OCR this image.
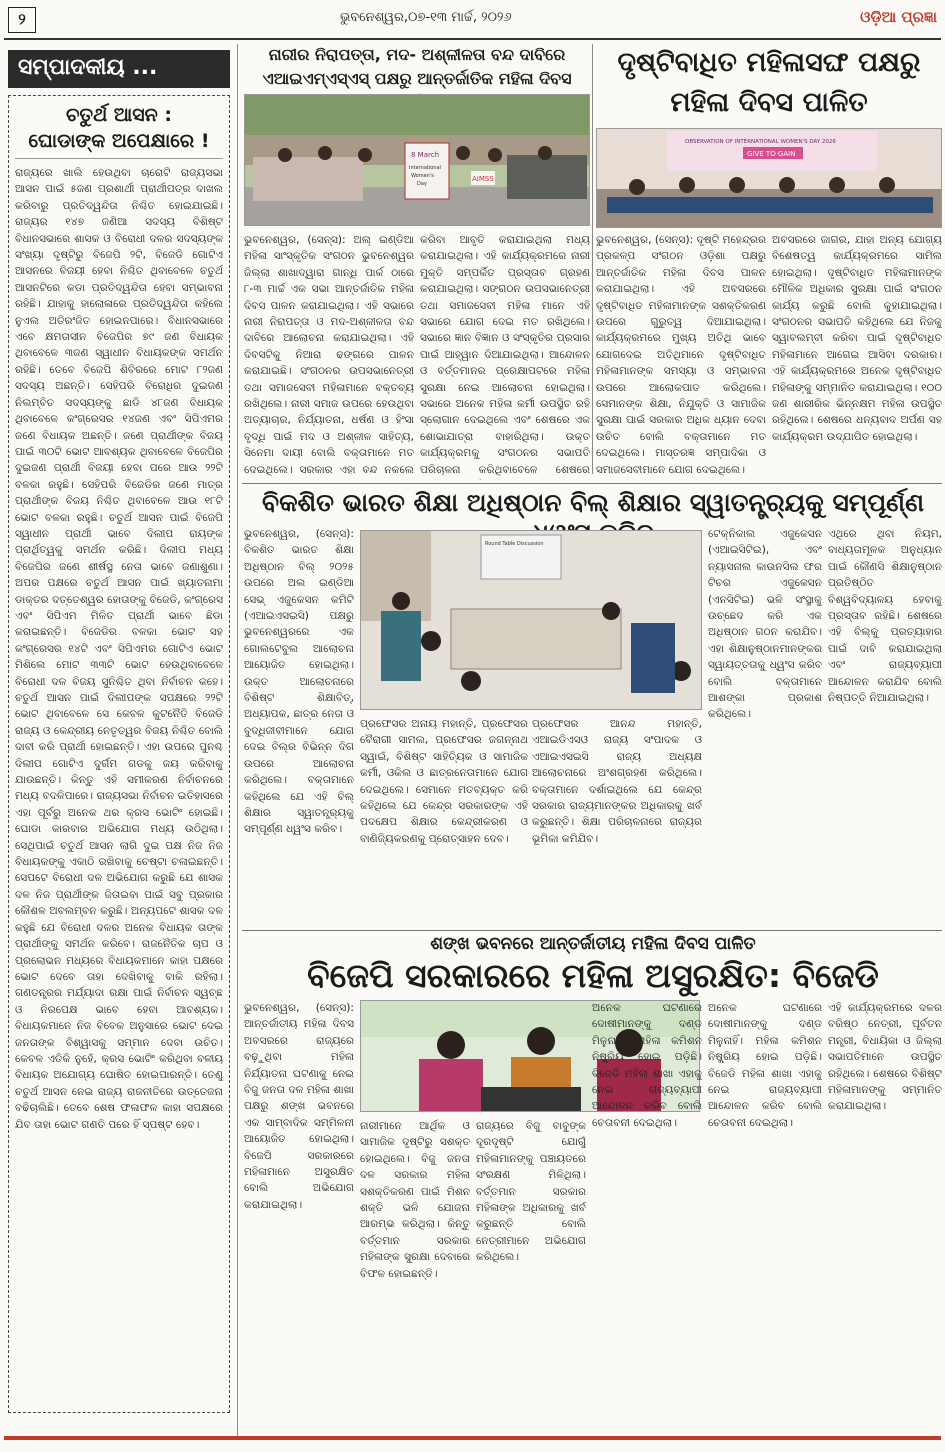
୨	ଭୁବନେଶ୍ୱର,୦୭-୧୩ ମାର୍ଚ୍ଚ, ୨୦୨୬	ଓଡ଼ିଆ ପ୍ରଜ୍ଞା
ସମ୍ପାଦକୀୟ ...
ଚତୁର୍ଥ ଆସନ :
ଘୋଡାଙ୍କ ଅପେକ୍ଷାରେ !
ରାଜ୍ୟରେ ଖାଲି ହେଉଥିବା ଚାରୋଟି ରାଜ୍ୟସଭା ଆସନ ପାଇଁ ୫ଜଣ ପ୍ରଶାର୍ଥୀ ପ୍ରାର୍ଥୀପତ୍ର ଦାଖଲ କରିବାରୁ ପ୍ରତିଦ୍ୱନ୍ଦିତା ନିଶ୍ଚିତ ହୋଇଯାଇଛି। ରାଜ୍ୟର ୧୪୭ ଜଣିଆ ସଦସ୍ୟ ବିଶିଷ୍ଟ ବିଧାନସଭାରେ ଶାସକ ଓ ବିରୋଧୀ ଦଳର ସଦସ୍ୟଙ୍କ ସଂଖ୍ୟା ଦୃଷ୍ଟିରୁ ବିଜେପି ୨ଟି, ବିଜେଡି ଗୋଟିଏ ଆସନରେ ବିଜୟୀ ହେବା ନିଶ୍ଚିତ ଥିବାବେଳେ ଚତୁର୍ଥ ଆସନଟିରେ କଡା ପ୍ରତିଦ୍ୱନ୍ଦିତା ହେବା ସମ୍ଭାବନା ରହିଛି। ଯାହାକୁ ହାଲୋଳାରେ ପ୍ରତିଦ୍ୱନ୍ଦିତା କହିଲେ ନୁଏଲ ଅତିରଂଜିତ ହୋଇନପାରେ। ବିଧାନସଭାରେ ଏବେ କ୍ଷମତାସୀନ ବିଜେପିର ୭୯ ଜଣ ବିଧାୟକ ଥିବାବେଳେ ୩ଜଣ ସ୍ୱାଧୀନ ବିଧାୟକଙ୍କ ସମର୍ଥନ ରହିଛି। ତେବେ ବିଜେପି ଶିବିରରେ ମୋଟ ୮୨ଜଣ ସଦସ୍ୟ ଅଛନ୍ତି। ସେହିପରି ବିରୋଧିର ଦୁଇଜଣ ନିଲମ୍ବିତ ସଦସ୍ୟଙ୍କୁ ଛାଡି ୪୮ଜଣ ବିଧାୟକ ଥିବାବେଳେ କଂଗ୍ରେସର ୧୪ଜଣ ଏବଂ ସିପିଏମର ଜଣେ ବିଧାୟକ ଅଛନ୍ତି। ଜଣେ ପ୍ରାର୍ଥୀଙ୍କ ବିଜୟ ପାଇଁ ୩୦ଟି ଭୋଟ ଆବଶ୍ୟକ ଥିବାବେଳେ ବିଜେପିର ଦୁଇଜଣ ପ୍ରାର୍ଥୀ ବିଜୟୀ ହେବା ପରେ ଆଉ ୨୨ଟି ବଳକା ରହୁଛି। ସେହିପରି ବିଜେଡିର ଜଣେ ମାତ୍ର ପ୍ରାର୍ଥୀଙ୍କ ବିଜୟ ନିଶ୍ଚିତ ଥିବାବେଳେ ଆଉ ୧୮ଟି ଭୋଟ ବଳକା ରହୁଛି। ଚତୁର୍ଥ ଆସନ ପାଇଁ ବିଜେପି ସ୍ୱାଧୀନ ପ୍ରାର୍ଥୀ ଭାବେ ଦିଲୀପ ରାୟଙ୍କ ପ୍ରାର୍ଥିତ୍ୱକୁ ସମର୍ଥନ କରିଛି। ଦିଲୀପ ମଧ୍ୟ ବିଜେପିର ଜଣେ ଶୀର୍ଷସ୍ଥ ନେତା ଭାବେ ଜଣାଶୁଣା। ଅପର ପକ୍ଷରେ ଚତୁର୍ଥ ଆସନ ପାଇଁ ଖ୍ୟାତନାମା ଡାକ୍ତର ଦତ୍ତେଶ୍ୱର ହୋତାଙ୍କୁ ବିଜେଡି, କଂଗ୍ରେସ ଏବଂ ସିପିଏମ ମିଳିତ ପ୍ରାର୍ଥୀ ଭାବେ ଛିଡା କରାଇଛନ୍ତି। ବିଜେଡିର ବଳକା ଭୋଟ ସହ କଂଗ୍ରେସର ୧୪ଟି ଏବଂ ସିପିଏମର ଗୋଟିଏ ଭୋଟ ମିଶିଲେ ମୋଟ ୩୩ଟି ଭୋଟ ହେଉଥିବାବେଳେ ବିରୋଧୀ ଦଳ ବିଜୟ ସୁନିଶ୍ଚିତ ଥିବା ନିର୍ବାଚନ କହେ। ଚତୁର୍ଥ ଆସନ ପାଇଁ ଦିଲୀପଙ୍କ ସପକ୍ଷରେ ୨୨ଟି ଭୋଟ ଥିବାବେଳେ ସେ କେବଳ କୁଟନୈତି ବିଜେଡି ରାଜ୍ୟ ଓ କେନ୍ଦ୍ରୀୟ ନେତୃତ୍ୱର ବିଜୟ ନିଶ୍ଚିତ ବୋଲି ଦାବୀ କରି ପ୍ରାର୍ଥୀ ହୋଇଛନ୍ତି। ଏହା ଉପରେ ପୁନଶ୍ଚ ଦିଲୀପ ଗୋଟିଏ ଦୁର୍ଗମ ଗଡକୁ ଜୟ କରିବାକୁ ଯାଉଛନ୍ତି। କିନ୍ତୁ ଏହି ସମୀକରଣ ନିର୍ବାଚନରେ ମଧ୍ୟ ବଦଳିପାରେ। ରାଜ୍ୟସଭା ନିର୍ବାଚନ ଇତିହାସରେ ଏହା ପୂର୍ବରୁ ଅନେକ ଥର କ୍ରସ ଭୋଟିଂ ହୋଇଛି। ଘୋଡା କାରବାର ଅଭିଯୋଗ ମଧ୍ୟ ଉଠିଥିଲା। ସେଥିପାଇଁ ଚତୁର୍ଥ ଆସନ ଲାଗି ଦୁଇ ପକ୍ଷ ନିଜ ନିଜ ବିଧାୟକଙ୍କୁ ଏକାଠି ରଖିବାକୁ ଚେଷ୍ଟା ଚଳାଇଛନ୍ତି। ସେପଟେ ବିରୋଧୀ ଦଳ ଅଭିଯୋଗ କରୁଛି ଯେ ଶାସକ ଦଳ ନିଜ ପ୍ରାର୍ଥୀଙ୍କ ଜିତାଇବା ପାଇଁ ସବୁ ପ୍ରକାର କୌଶଳ ଅବଲମ୍ବନ କରୁଛି। ଅନ୍ୟପଟେ ଶାସକ ଦଳ କହୁଛି ଯେ ବିରୋଧୀ ଦଳର ଅନେକ ବିଧାୟକ ତାଙ୍କ ପ୍ରାର୍ଥୀଙ୍କୁ ସମର୍ଥନ କରିବେ। ରାଜନୈତିକ ଚାପ ଓ ପ୍ରଲୋଭନ ମଧ୍ୟରେ ବିଧାୟକମାନେ କାହା ପକ୍ଷରେ ଭୋଟ ଦେବେ ତାହା ଦେଖିବାକୁ ବାକି ରହିଲା। ଗଣତନ୍ତ୍ରର ମର୍ଯ୍ୟାଦା ରକ୍ଷା ପାଇଁ ନିର୍ବାଚନ ସ୍ୱଚ୍ଛ ଓ ନିରପେକ୍ଷ ଭାବେ ହେବା ଆବଶ୍ୟକ। ବିଧାୟକମାନେ ନିଜ ବିବେକ ଅନୁସାରେ ଭୋଟ ଦେଇ ଜନତାଙ୍କ ବିଶ୍ୱାସକୁ ସମ୍ମାନ ଦେବା ଉଚିତ। କେବଳ ଏତିକି ନୁହେଁ, କ୍ରସ ଭୋଟିଂ କରିଥିବା ବଳୀୟ ବିଧାୟକ ଅଯୋଗ୍ୟ ଘୋଷିତ ହୋଇପାରନ୍ତି। ତେଣୁ ଚତୁର୍ଥ ଆସନ ନେଇ ରାଜ୍ୟ ରାଜନୀତିରେ ଉତ୍ତେଜନା ବଢିଚାଲିଛି। ତେବେ ଶେଷ ଫଳାଫଳ କାହା ସପକ୍ଷରେ ଯିବ ତାହା ଭୋଟ ଗଣତି ପରେ ହିଁ ସ୍ପଷ୍ଟ ହେବ।
ନାରୀର ନିରାପତ୍ତା, ମଦ- ଅଶ୍ଳୀଳତା ବନ୍ଦ ଦାବିରେ
ଏଆଇଏମ୍‌ଏସ୍‌ଏସ୍ ପକ୍ଷରୁ ଆନ୍ତର୍ଜାତିକ ମହିଳା ଦିବସ
8 March
International
Women's
Day
AIMSS
ଭୁବନେଶ୍ୱର, (ସେନ୍ସ): ଅଲ୍ ଇଣ୍ଡିଆ ମହିଳା ସାଂସ୍କୃତିକ ସଂଗଠନ ଭୁବନେଶ୍ୱର ଜିଲ୍ଲା ଶାଖାଦ୍ୱାରା ଗାନ୍ଧି ପାର୍କ ଠାରେ ୮-୩ ମାର୍ଚ୍ଚ ଏକ ସଭା ଆନ୍ତର୍ଜାତିକ ମହିଳା ଦିବସ ପାଳନ କରାଯାଇଥିଲା। ଏହି ସଭାରେ ନାରୀ ନିରାପତ୍ତା ଓ ମଦ-ଅଶ୍ଳୀଳତା ବନ୍ଦ ଦାବିରେ ଆଲୋଚନା କରାଯାଇଥିଲା। ଏହି ଦିବସଟିକୁ ନିଆରା ଢଙ୍ଗରେ ପାଳନ କରାଯାଇଛି। ସଂଗଠନର ଉପସଭାନେତ୍ରୀ ତଥା ସମାଜସେବୀ ମହିଳାମାନେ ବକ୍ତବ୍ୟ ରଖିଥିଲେ। ନାରୀ ସମାଜ ଉପରେ ହେଉଥିବା ଅତ୍ୟାଚାର, ନିର୍ଯ୍ୟାତନା, ଧର୍ଷଣ ଓ ହିଂସା ବୃଦ୍ଧି ପାଇଁ ମଦ ଓ ଅଶ୍ଳୀଳ ସାହିତ୍ୟ, ସିନେମା ଦାୟୀ ବୋଲି ବକ୍ତାମାନେ ମତ ଦେଇଥିଲେ। ସରକାର ଏହା ବନ୍ଦ ନକଲେ
କରିବା ଆବୃତି କରାଯାଇଥିଲା ମଧ୍ୟ କରାଯାଇଥିଲା। ଏହି କାର୍ଯ୍ୟକ୍ରମରେ ନାରୀ ମୁକ୍ତି ସମ୍ପର୍କିତ ପ୍ରସ୍ତାବ ଗ୍ରହଣ କରାଯାଇଥିଲା। ସଙ୍ଗଠନ ଉପସଭାନେତ୍ରୀ ତଥା ସମାଜସେବୀ ମହିଳା ମାନେ ଏହି ସଭାରେ ଯୋଗ ଦେଇ ମତ ରଖିଥିଲେ। ସଭାରେ ଜ୍ଞାନ ବିଜ୍ଞାନ ଓ ସଂସ୍କୃତିର ପ୍ରସାର ପାଇଁ ଆହ୍ୱାନ ଦିଆଯାଇଥିଲା। ଆନ୍ଦୋଳନ ଓ ବର୍ତ୍ତମାନର ପ୍ରେକ୍ଷାପଟରେ ମହିଳା ସୁରକ୍ଷା ନେଇ ଆଲୋଚନା ହୋଇଥିଲା। ସଭାରେ ଅନେକ ମହିଳା କର୍ମୀ ଉପସ୍ଥିତ ରହି ସ୍ଲୋଗାନ ଦେଇଥିଲେ ଏବଂ ଶେଷରେ ଏକ ଶୋଭାଯାତ୍ରା ବାହାରିଥିଲା। ଉକ୍ତ କାର୍ଯ୍ୟକ୍ରମକୁ ସଂଗଠନର ସଭାପତି ପରିଚାଳନା କରିଥିବାବେଳେ ଶେଷରେ
ଦୃଷ୍ଟିବାଧିତ ମହିଳାସଙ୍ଘ ପକ୍ଷରୁ
ମହିଳା ଦିବସ ପାଳିତ
OBSERVATION OF INTERNATIONAL WOMEN'S DAY 2026
GIVE TO GAIN
ଭୁବନେଶ୍ୱର, (ସେନ୍ସ): ଦୃଷ୍ଟି ମହେନ୍ଦ୍ରର ପ୍ରକଳ୍ପ ସଂଗଠନ ଓଡ଼ିଶା ପକ୍ଷରୁ ଆନ୍ତର୍ଜାତିକ ମହିଳା ଦିବସ ପାଳନ କରାଯାଇଥିଲା। ଏହି ଅବସରରେ ଦୃଷ୍ଟିବାଧିତ ମହିଳାମାନଙ୍କ ସଶକ୍ତିକରଣ ଉପରେ ଗୁରୁତ୍ୱ ଦିଆଯାଇଥିଲା। କାର୍ଯ୍ୟକ୍ରମରେ ମୁଖ୍ୟ ଅତିଥି ଭାବେ ଯୋଗଦେଇ ଅତିଥିମାନେ ଦୃଷ୍ଟିବାଧିତ ମହିଳାମାନଙ୍କ ସମସ୍ୟା ଓ ସମ୍ଭାବନା ଉପରେ ଆଲୋକପାତ କରିଥିଲେ। ସେମାନଙ୍କ ଶିକ୍ଷା, ନିଯୁକ୍ତି ଓ ସାମାଜିକ ସୁରକ୍ଷା ପାଇଁ ସରକାର ଅଧିକ ଧ୍ୟାନ ଦେବା ଉଚିତ ବୋଲି ବକ୍ତାମାନେ ମତ ଦେଇଥିଲେ। ମାସ୍ତରଜ୍ଞ ସମ୍ପାଦିକା ଓ ସମାଜସେବୀମାନେ ଯୋଗ ଦେଇଥିଲେ।
ଅବସରରେ ଜାଗର, ଯାହା ଅନ୍ୟ ଯୋଗ୍ୟ ବିଶେଷତ୍ୱ କାର୍ଯ୍ୟକ୍ରମରେ ସାମିଲ ହୋଇଥିଲା। ଦୃଷ୍ଟିବାଧିତ ମହିଳାମାନଙ୍କ ମୌଳିକ ଅଧିକାର ସୁରକ୍ଷା ପାଇଁ ସଂଗଠନ କାର୍ଯ୍ୟ କରୁଛି ବୋଲି କୁହାଯାଇଥିଲା। ସଂଗଠନର ସଭାପତି କହିଥିଲେ ଯେ ନିଜକୁ ସ୍ୱାବଲମ୍ବୀ କରିବା ପାଇଁ ଦୃଷ୍ଟିବାଧିତ ମହିଳାମାନେ ଆଗେଇ ଆସିବା ଦରକାର। ଏହି କାର୍ଯ୍ୟକ୍ରମରେ ଅନେକ ଦୃଷ୍ଟିବାଧିତ ମହିଳାଙ୍କୁ ସମ୍ମାନିତ କରାଯାଇଥିଲା। ୧୦୦ ଜଣ ଶାରୀରିକ ଭିନ୍ନକ୍ଷମ ମହିଳା ଉପସ୍ଥିତ ରହିଥିଲେ। ଶେଷରେ ଧନ୍ୟବାଦ ଅର୍ପଣ ସହ କାର୍ଯ୍ୟକ୍ରମ ଉଦ୍‌ଯାପିତ ହୋଇଥିଲା।
ବିକଶିତ ଭାରତ ଶିକ୍ଷା ଅଧିଷ୍ଠାନ ବିଲ୍ ଶିକ୍ଷାର ସ୍ୱାତନ୍ତ୍ର୍ୟକୁ ସମ୍ପୂର୍ଣ୍ଣ
ଭୁବନେଶ୍ୱର, (ସେନ୍ସ): ବିକଶିତ ଭାରତ ଶିକ୍ଷା ଅଧିଷ୍ଠାନ ବିଲ୍ ୨୦୨୫ ଉପରେ ଅଲ ଇଣ୍ଡିଆ ସେଭ୍ ଏଜୁକେସନ କମିଟି (ଏଆଇଏସଇସି) ପକ୍ଷରୁ ଭୁବନେଶ୍ୱରରେ ଏକ ଗୋଲଟେବୁଲ ଆଲୋଚନା ଆୟୋଜିତ ହୋଇଥିଲା। ଉକ୍ତ ଆଲୋଚନାରେ ବିଶିଷ୍ଟ ଶିକ୍ଷାବିତ୍, ଅଧ୍ୟାପକ, ଛାତ୍ର ନେତା ଓ ବୁଦ୍ଧିଜୀବୀମାନେ ଯୋଗ ଦେଇ ବିଲ୍‌ର ବିଭିନ୍ନ ଦିଗ ଉପରେ ଆଲୋଚନା କରିଥିଲେ। ବକ୍ତାମାନେ କହିଥିଲେ ଯେ ଏହି ବିଲ୍ ଶିକ୍ଷାର ସ୍ୱାତନ୍ତ୍ର୍ୟକୁ ସମ୍ପୂର୍ଣ୍ଣ ଧ୍ୱଂସ କରିବ।
Round Table Discussion
ପ୍ରଫେସର ଅନାୟ ମହାନ୍ତି, ପ୍ରଫେସର ବୈରାଗୀ ସାମଲ, ପ୍ରଫେସର ଜଗନ୍ନାଥ ସ୍ୱାଇଁ, ବିଶିଷ୍ଟ ସାହିତ୍ୟିକ ଓ ସାମାଜିକ କର୍ମୀ, ଓକିଲ ଓ ଛାତ୍ରନେତାମାନେ ଯୋଗ ଦେଇଥିଲେ। ସେମାନେ ମତବ୍ୟକ୍ତ କରି କହିଥିଲେ ଯେ କେନ୍ଦ୍ର ସରକାରଙ୍କ ଏହି ପଦକ୍ଷେପ ଶିକ୍ଷାର କେନ୍ଦ୍ରୀକରଣ ଓ ବାଣିଜ୍ୟିକରଣକୁ ପ୍ରୋତ୍ସାହନ ଦେବ।
ପ୍ରଫେସର ଆନନ୍ଦ ମହାନ୍ତି, ଏଆଇଡିଏସଓ ରାଜ୍ୟ ସଂପାଦକ ଓ ଏଆଇଏସଇସି ରାଜ୍ୟ ଅଧ୍ୟକ୍ଷ ଆଲୋଚନାରେ ଅଂଶଗ୍ରହଣ କରିଥିଲେ। ବକ୍ତାମାନେ ଦର୍ଶାଇଥିଲେ ଯେ କେନ୍ଦ୍ର ସରକାର ରାଜ୍ୟମାନଙ୍କର ଅଧିକାରକୁ ଖର୍ବ କରୁଛନ୍ତି। ଶିକ୍ଷା ପରିଚାଳନାରେ ରାଜ୍ୟର ଭୂମିକା କମିଯିବ।
ଟେକ୍ନିକାଲ ଏଜୁକେସନ (ଏଆଇସିଟିଇ), ଏବଂ ନ୍ୟାସନାଲ କାଉନସିଲ ଫର ଟିଚର ଏଜୁକେସନ (ଏନସିଟିଇ) ଭଳି ସଂସ୍ଥାକୁ ଉଚ୍ଛେଦ କରି ଏକ ଅଧିଷ୍ଠାନ ଗଠନ କରାଯିବ। ଏହା ଶିକ୍ଷାନୁଷ୍ଠାନମାନଙ୍କର ସ୍ୱାୟତ୍ତତାକୁ ଧ୍ୱଂସ କରିବ ବୋଲି ବକ୍ତାମାନେ ଆଶଙ୍କା ପ୍ରକାଶ କରିଥିଲେ।
ଏଥିରେ ଥିବା ନିୟମ, ବାଧ୍ୟତାମୂଳକ ଅନୁଧ୍ୟାନ ପାଇଁ କୌଣସି ଶିକ୍ଷାନୁଷ୍ଠାନ ପ୍ରତିଷ୍ଠିତ ବିଶ୍ୱବିଦ୍ୟାଳୟ ହେବାକୁ ପ୍ରସ୍ତାବ ରହିଛି। ଶେଷରେ ଏହି ବିଲ୍‌କୁ ପ୍ରତ୍ୟାହାର ପାଇଁ ଦାବି କରାଯାଇଥିଲା ଏବଂ ରାଜ୍ୟବ୍ୟାପୀ ଆନ୍ଦୋଳନ କରାଯିବ ବୋଲି ନିଷ୍ପତ୍ତି ନିଆଯାଇଥିଲା।
ଶଙ୍ଖ ଭବନରେ ଆନ୍ତର୍ଜାତୀୟ ମହିଳା ଦିବସ ପାଳିତ
ବିଜେପି ସରକାରରେ ମହିଳା ଅସୁରକ୍ଷିତ: ବିଜେଡି
ଭୁବନେଶ୍ୱର, (ସେନ୍ସ): ଆନ୍ତର୍ଜାତୀୟ ମହିଳା ଦିବସ ଅବସରରେ ରାଜ୍ୟରେ ବଢ଼ୁଥିବା ମହିଳା ନିର୍ଯ୍ୟାତନା ଘଟଣାକୁ ନେଇ ବିଜୁ ଜନତା ଦଳ ମହିଳା ଶାଖା ପକ୍ଷରୁ ଶଙ୍ଖ ଭବନରେ ଏକ ସାମ୍ବାଦିକ ସମ୍ମିଳନୀ ଆୟୋଜିତ ହୋଇଥିଲା। ବିଜେପି ସରକାରରେ ମହିଳାମାନେ ଅସୁରକ୍ଷିତ ବୋଲି ଅଭିଯୋଗ କରାଯାଇଥିଲା।
ନାରୀମାନେ ଆର୍ଥିକ ଓ ସାମାଜିକ ଦୃଷ୍ଟିରୁ ସଶକ୍ତ ହୋଇଥିଲେ। ବିଜୁ ଜନତା ଦଳ ସରକାର ମହିଳା ସଶକ୍ତିକରଣ ପାଇଁ ମିଶନ ଶକ୍ତି ଭଳି ଯୋଜନା ଆରମ୍ଭ କରିଥିଲା। କିନ୍ତୁ ବର୍ତ୍ତମାନ ସରକାର ମହିଳାଙ୍କ ସୁରକ୍ଷା ଦେବାରେ ବିଫଳ ହୋଇଛନ୍ତି।
ରାଜ୍ୟରେ ବିଜୁ ବାବୁଙ୍କ ଦୂରଦୃଷ୍ଟି ଯୋଗୁଁ ମହିଳାମାନଙ୍କୁ ପଞ୍ଚାୟତରେ ସଂରକ୍ଷଣ ମିଳିଥିଲା। ବର୍ତ୍ତମାନ ସରକାର ମହିଳାଙ୍କ ଅଧିକାରକୁ ଖର୍ବ କରୁଛନ୍ତି ବୋଲି ନେତ୍ରୀମାନେ ଅଭିଯୋଗ କରିଥିଲେ।
ଅନେକ ଘଟଣାରେ ଦୋଷୀମାନଙ୍କୁ ଦଣ୍ଡ ମିଳୁନାହିଁ। ମହିଳା କମିଶନ ନିଷ୍କ୍ରିୟ ହୋଇ ପଡ଼ିଛି। ବିଜେଡି ମହିଳା ଶାଖା ଏହାକୁ ନେଇ ରାଜ୍ୟବ୍ୟାପୀ ଆନ୍ଦୋଳନ କରିବ ବୋଲି ଚେତାବନୀ ଦେଇଥିଲା।
ଅନେକ ଘଟଣାରେ ଦୋଷୀମାନଙ୍କୁ ଦଣ୍ଡ ମିଳୁନାହିଁ। ମହିଳା କମିଶନ ନିଷ୍କ୍ରିୟ ହୋଇ ପଡ଼ିଛି। ବିଜେଡି ମହିଳା ଶାଖା ଏହାକୁ ନେଇ ରାଜ୍ୟବ୍ୟାପୀ ଆନ୍ଦୋଳନ କରିବ ବୋଲି ଚେତାବନୀ ଦେଇଥିଲା।
ଏହି କାର୍ଯ୍ୟକ୍ରମରେ ଦଳର ବରିଷ୍ଠ ନେତ୍ରୀ, ପୂର୍ବତନ ମନ୍ତ୍ରୀ, ବିଧାୟିକା ଓ ଜିଲ୍ଲା ସଭାପତିମାନେ ଉପସ୍ଥିତ ରହିଥିଲେ। ଶେଷରେ ବିଶିଷ୍ଟ ମହିଳାମାନଙ୍କୁ ସମ୍ମାନିତ କରାଯାଇଥିଲା।
